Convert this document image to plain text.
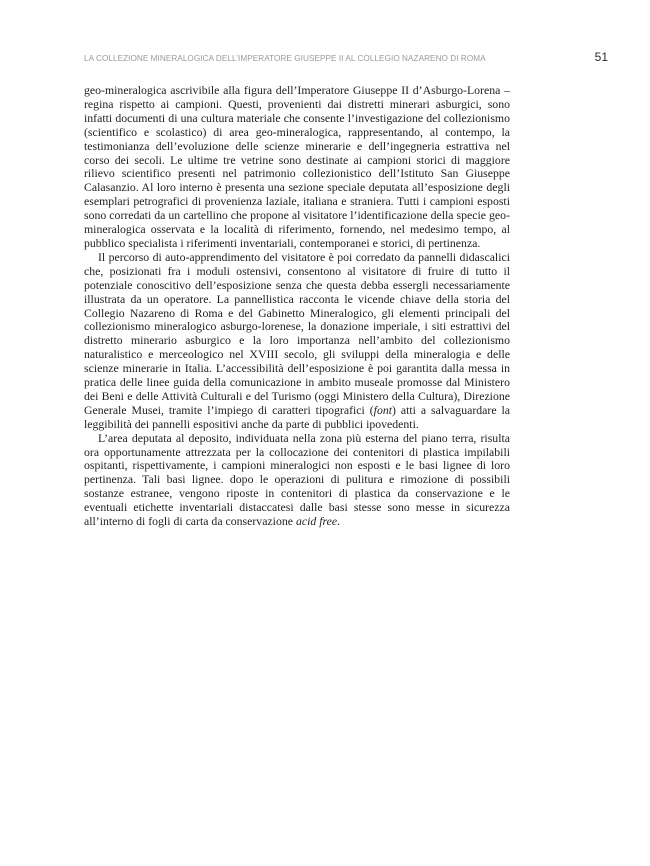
LA COLLEZIONE MINERALOGICA DELL’IMPERATORE GIUSEPPE II AL COLLEGIO NAZARENO DI ROMA	51

geo-mineralogica ascrivibile alla figura dell’Imperatore Giuseppe II d’Asburgo-Lorena – regina rispetto ai campioni. Questi, provenienti dai distretti minerari asburgici, sono infatti documenti di una cultura materiale che consente l’investigazione del collezionismo (scientifico e scolastico) di area geo-mineralogica, rappresentando, al contempo, la testimonianza dell’evoluzione delle scienze minerarie e dell’ingegneria estrattiva nel corso dei secoli. Le ultime tre vetrine sono destinate ai campioni storici di maggiore rilievo scientifico presenti nel patrimonio collezionistico dell’Istituto San Giuseppe Calasanzio. Al loro interno è presenta una sezione speciale deputata all’esposizione degli esemplari petrografici di provenienza laziale, italiana e straniera. Tutti i campioni esposti sono corredati da un cartellino che propone al visitatore l’identificazione della specie geo-mineralogica osservata e la località di riferimento, fornendo, nel medesimo tempo, al pubblico specialista i riferimenti inventariali, contemporanei e storici, di pertinenza.

Il percorso di auto-apprendimento del visitatore è poi corredato da pannelli didascalici che, posizionati fra i moduli ostensivi, consentono al visitatore di fruire di tutto il potenziale conoscitivo dell’esposizione senza che questa debba essergli necessariamente illustrata da un operatore. La pannellistica racconta le vicende chiave della storia del Collegio Nazareno di Roma e del Gabinetto Mineralogico, gli elementi principali del collezionismo mineralogico asburgo-lorenese, la donazione imperiale, i siti estrattivi del distretto minerario asburgico e la loro importanza nell’ambito del collezionismo naturalistico e merceologico nel XVIII secolo, gli sviluppi della mineralogia e delle scienze minerarie in Italia. L’accessibilità dell’esposizione è poi garantita dalla messa in pratica delle linee guida della comunicazione in ambito museale promosse dal Ministero dei Beni e delle Attività Culturali e del Turismo (oggi Ministero della Cultura), Direzione Generale Musei, tramite l’impiego di caratteri tipografici (font) atti a salvaguardare la leggibilità dei pannelli espositivi anche da parte di pubblici ipovedenti.

L’area deputata al deposito, individuata nella zona più esterna del piano terra, risulta ora opportunamente attrezzata per la collocazione dei contenitori di plastica impilabili ospitanti, rispettivamente, i campioni mineralogici non esposti e le basi lignee di loro pertinenza. Tali basi lignee. dopo le operazioni di pulitura e rimozione di possibili sostanze estranee, vengono riposte in contenitori di plastica da conservazione e le eventuali etichette inventariali distaccatesi dalle basi stesse sono messe in sicurezza all’interno di fogli di carta da conservazione acid free.
